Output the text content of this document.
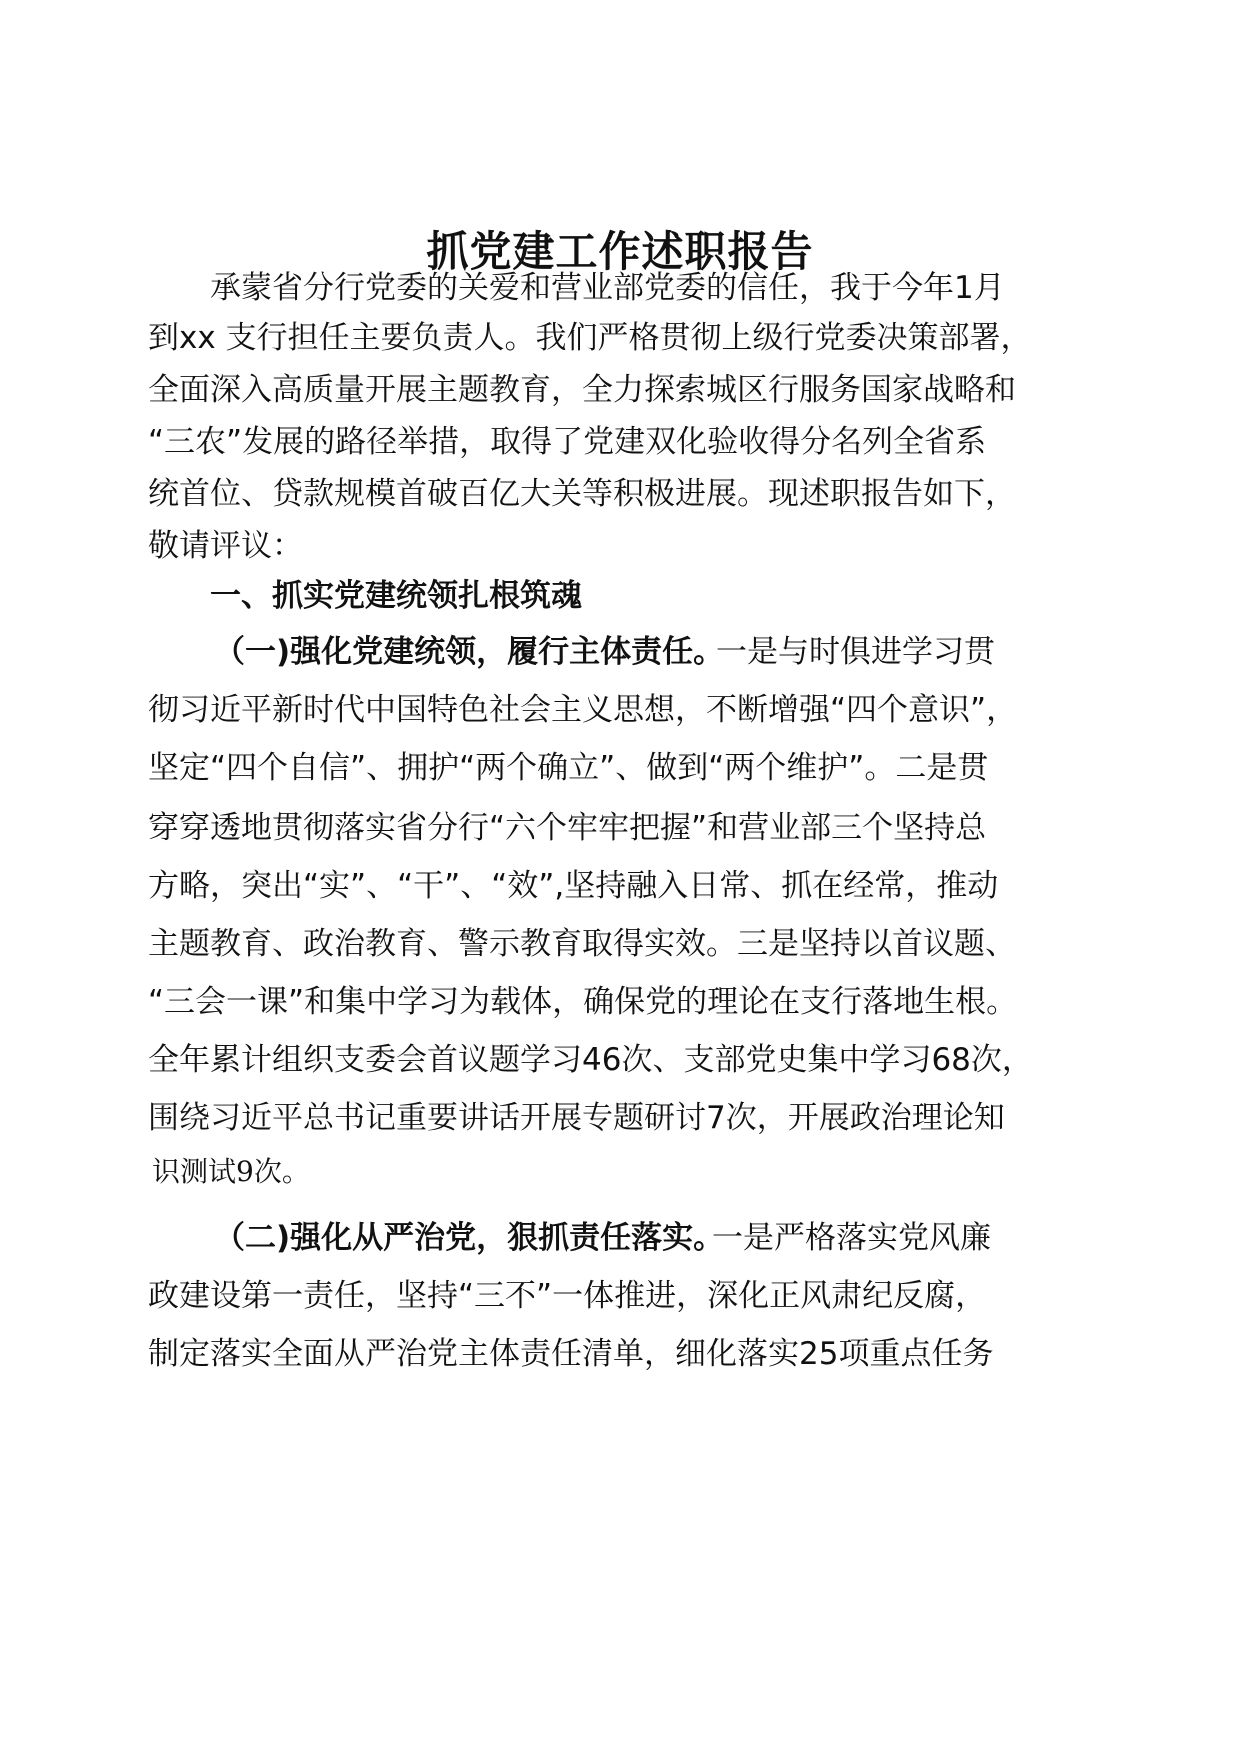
抓党建工作述职报告
承蒙省分行党委的关爱和营业部党委的信任，我于今年1月
到xx 支行担任主要负责人。我们严格贯彻上级行党委决策部署，
全面深入高质量开展主题教育，全力探索城区行服务国家战略和
“三农”发展的路径举措，取得了党建双化验收得分名列全省系
统首位、贷款规模首破百亿大关等积极进展。现述职报告如下，
敬请评议：
一、抓实党建统领扎根筑魂
（一)强化党建统领，履行主体责任。
一是与时俱进学习贯
彻习近平新时代中国特色社会主义思想，不断增强“四个意识”，
坚定“四个自信”、拥护“两个确立”、做到“两个维护”。二是贯
穿穿透地贯彻落实省分行“六个牢牢把握”和营业部三个坚持总
方略，突出“实”、“干”、“效”,坚持融入日常、抓在经常，推动
主题教育、政治教育、警示教育取得实效。三是坚持以首议题、
“三会一课”和集中学习为载体，确保党的理论在支行落地生根。
全年累计组织支委会首议题学习46次、支部党史集中学习68次，
围绕习近平总书记重要讲话开展专题研讨7次，开展政治理论知
识测试9次。
（二)强化从严治党，狠抓责任落实。
一是严格落实党风廉
政建设第一责任，坚持“三不”一体推进，深化正风肃纪反腐，
制定落实全面从严治党主体责任清单，细化落实25项重点任务
